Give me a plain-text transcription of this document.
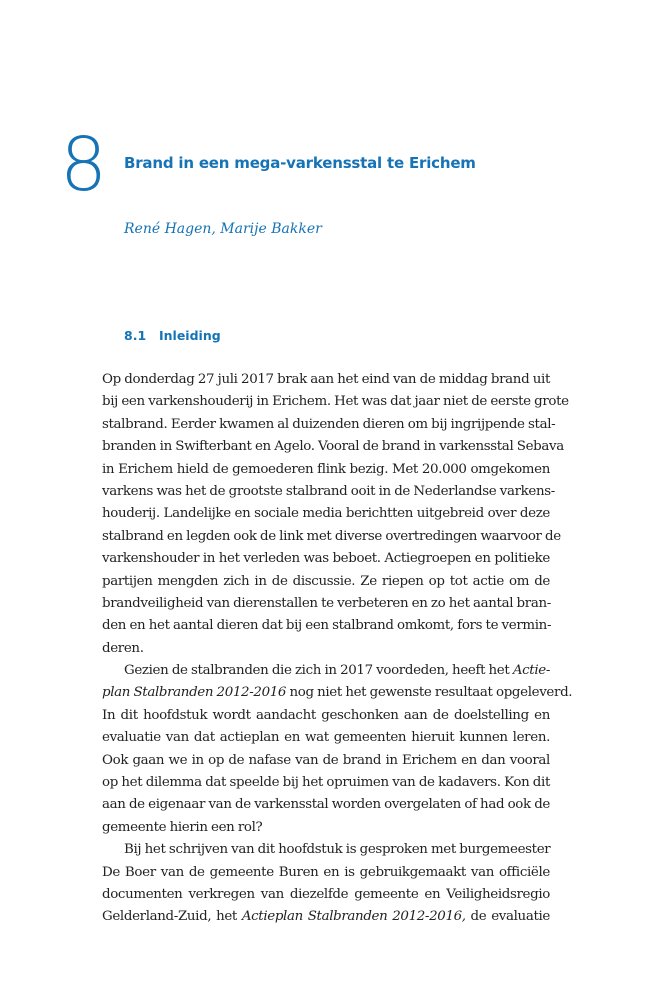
8 Brand in een mega-varkensstal te Erichem
René Hagen, Marije Bakker
8.1 Inleiding
Op donderdag 27 juli 2017 brak aan het eind van de middag brand uit
bij een varkenshouderij in Erichem. Het was dat jaar niet de eerste grote
stalbrand. Eerder kwamen al duizenden dieren om bij ingrijpende stal-
branden in Swifterbant en Agelo. Vooral de brand in varkensstal Sebava
in Erichem hield de gemoederen flink bezig. Met 20.000 omgekomen
varkens was het de grootste stalbrand ooit in de Nederlandse varkens-
houderij. Landelijke en sociale media berichtten uitgebreid over deze
stalbrand en legden ook de link met diverse overtredingen waarvoor de
varkenshouder in het verleden was beboet. Actiegroepen en politieke
partijen mengden zich in de discussie. Ze riepen op tot actie om de
brandveiligheid van dierenstallen te verbeteren en zo het aantal bran-
den en het aantal dieren dat bij een stalbrand omkomt, fors te vermin-
deren.
Gezien de stalbranden die zich in 2017 voordeden, heeft het Actie-
plan Stalbranden 2012-2016 nog niet het gewenste resultaat opgeleverd.
In dit hoofdstuk wordt aandacht geschonken aan de doelstelling en
evaluatie van dat actieplan en wat gemeenten hieruit kunnen leren.
Ook gaan we in op de nafase van de brand in Erichem en dan vooral
op het dilemma dat speelde bij het opruimen van de kadavers. Kon dit
aan de eigenaar van de varkensstal worden overgelaten of had ook de
gemeente hierin een rol?
Bij het schrijven van dit hoofdstuk is gesproken met burgemeester
De Boer van de gemeente Buren en is gebruikgemaakt van officiële
documenten verkregen van diezelfde gemeente en Veiligheidsregio
Gelderland-Zuid, het Actieplan Stalbranden 2012-2016, de evaluatie
